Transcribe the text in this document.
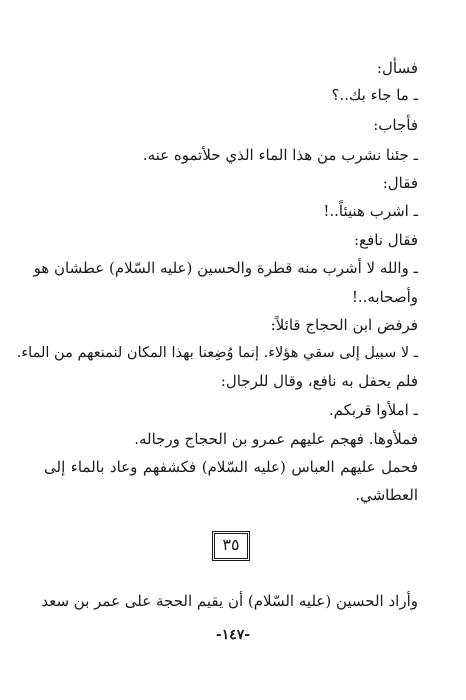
فسأل:
ـ ما جاء بك..؟
فأجاب:
ـ جئنا نشرب من هذا الماء الذي حلأتموه عنه.
فقال:
ـ اشرب هنيئاً..!
فقال نافع:
ـ والله لا أشرب منه قطرة والحسين (عليه السّلام) عطشان هو
وأصحابه..!
فرفض ابن الحجاج قائلاً:
ـ لا سبيل إلى سقي هؤلاء. إنما وُضِعنا بهذا المكان لنمنعهم من الماء.
فلم يحفل به نافع، وقال للرجال:
ـ املأوا قربكم.
فملأوها. فهجم عليهم عمرو بن الحجاج ورجاله.
فحمل عليهم العباس (عليه السّلام) فكشفهم وعاد بالماء إلى
العطاشي.
٣٥
وأراد الحسين (عليه السّلام) أن يقيم الحجة على عمر بن سعد
-١٤٧-
